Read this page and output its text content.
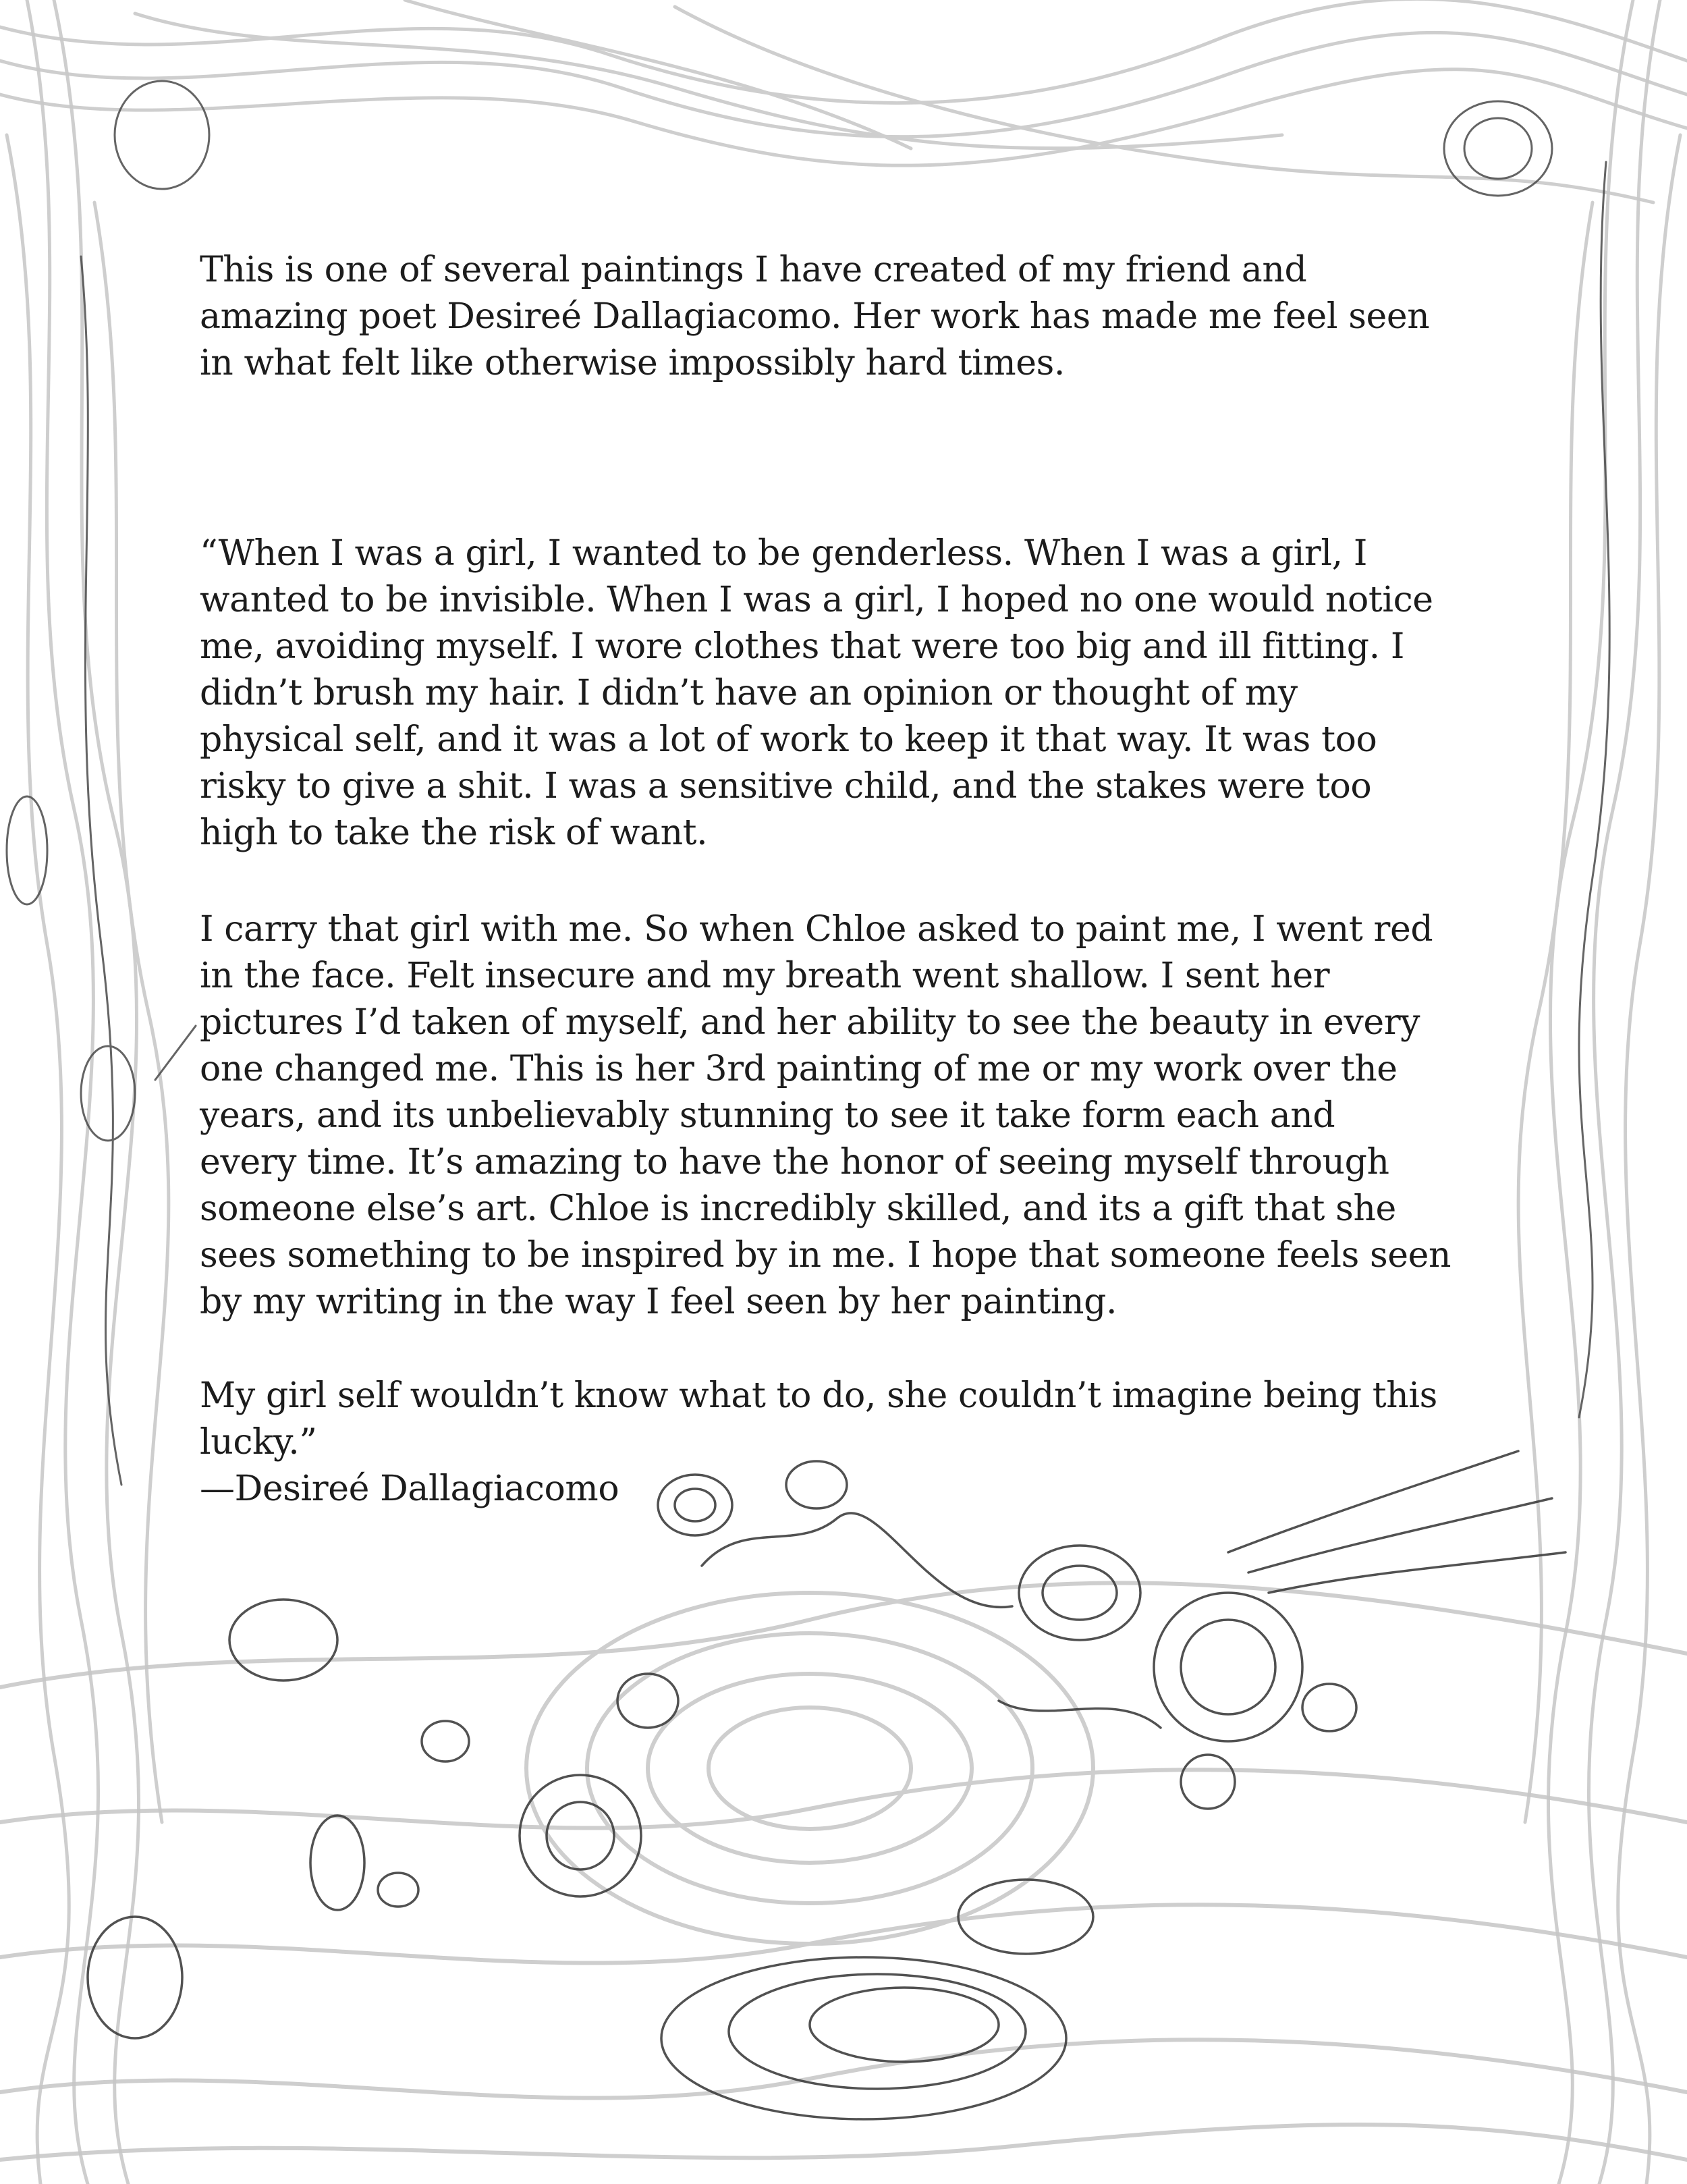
This is one of several paintings I have created of my friend and
amazing poet Desireé Dallagiacomo. Her work has made me feel seen
in what felt like otherwise impossibly hard times.
“When I was a girl, I wanted to be genderless. When I was a girl, I
wanted to be invisible. When I was a girl, I hoped no one would notice
me, avoiding myself. I wore clothes that were too big and ill fitting. I
didn’t brush my hair. I didn’t have an opinion or thought of my
physical self, and it was a lot of work to keep it that way. It was too
risky to give a shit. I was a sensitive child, and the stakes were too
high to take the risk of want.
I carry that girl with me. So when Chloe asked to paint me, I went red
in the face. Felt insecure and my breath went shallow. I sent her
pictures I’d taken of myself, and her ability to see the beauty in every
one changed me. This is her 3rd painting of me or my work over the
years, and its unbelievably stunning to see it take form each and
every time. It’s amazing to have the honor of seeing myself through
someone else’s art. Chloe is incredibly skilled, and its a gift that she
sees something to be inspired by in me. I hope that someone feels seen
by my writing in the way I feel seen by her painting.
My girl self wouldn’t know what to do, she couldn’t imagine being this
lucky.”
—Desireé Dallagiacomo
